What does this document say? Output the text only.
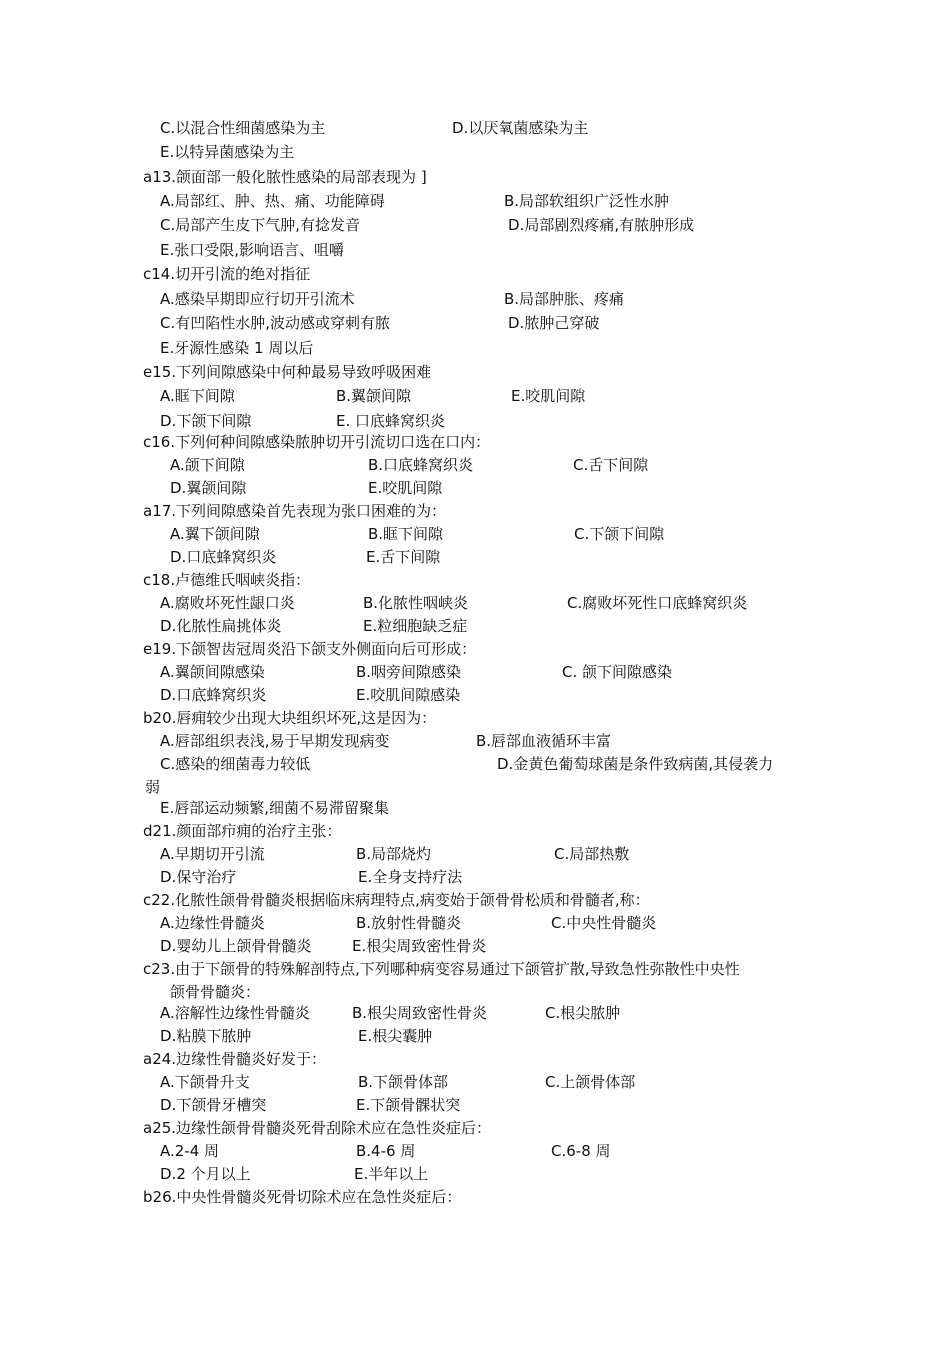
C.以混合性细菌感染为主	D.以厌氧菌感染为主
E.以特异菌感染为主
a13.颌面部一般化脓性感染的局部表现为 ]
A.局部红、肿、热、痛、功能障碍	B.局部软组织广泛性水肿
C.局部产生皮下气肿,有捻发音	D.局部剧烈疼痛,有脓肿形成
E.张口受限,影响语言、咀嚼
c14.切开引流的绝对指征
A.感染早期即应行切开引流术	B.局部肿胀、疼痛
C.有凹陷性水肿,波动感或穿刺有脓	D.脓肿己穿破
E.牙源性感染 1 周以后
e15.下列间隙感染中何种最易导致呼吸困难
A.眶下间隙	B.翼颌间隙	E.咬肌间隙
D.下颌下间隙	E. 口底蜂窝织炎
c16.下列何种间隙感染脓肿切开引流切口选在口内：
A.颌下间隙	B.口底蜂窝织炎	C.舌下间隙
D.翼颌间隙	E.咬肌间隙
a17.下列间隙感染首先表现为张口困难的为：
A.翼下颌间隙	B.眶下间隙	C.下颌下间隙
D.口底蜂窝织炎	E.舌下间隙
c18.卢德维氏咽峡炎指：
A.腐败坏死性龈口炎	B.化脓性咽峡炎	C.腐败坏死性口底蜂窝织炎
D.化脓性扁挑体炎	E.粒细胞缺乏症
e19.下颌智齿冠周炎沿下颌支外侧面向后可形成：
A.翼颌间隙感染	B.咽旁间隙感染	C. 颌下间隙感染
D.口底蜂窝织炎	E.咬肌间隙感染
b20.唇痈较少出现大块组织坏死,这是因为：
A.唇部组织表浅,易于早期发现病变	B.唇部血液循环丰富
C.感染的细菌毒力较低	D.金黄色葡萄球菌是条件致病菌,其侵袭力
弱
E.唇部运动频繁,细菌不易滞留聚集
d21.颜面部疖痈的治疗主张：
A.早期切开引流	B.局部烧灼	C.局部热敷
D.保守治疗	E.全身支持疗法
c22.化脓性颌骨骨髓炎根据临床病理特点,病变始于颌骨骨松质和骨髓者,称：
A.边缘性骨髓炎	B.放射性骨髓炎	C.中央性骨髓炎
D.婴幼儿上颌骨骨髓炎	E.根尖周致密性骨炎
c23.由于下颌骨的特殊解剖特点,下列哪种病变容易通过下颌管扩散,导致急性弥散性中央性
颌骨骨髓炎：
A.溶解性边缘性骨髓炎	B.根尖周致密性骨炎	C.根尖脓肿
D.粘膜下脓肿	E.根尖囊肿
a24.边缘性骨髓炎好发于：
A.下颌骨升支	B.下颌骨体部	C.上颌骨体部
D.下颌骨牙槽突	E.下颌骨髁状突
a25.边缘性颌骨骨髓炎死骨刮除术应在急性炎症后：
A.2-4 周	B.4-6 周	C.6-8 周
D.2 个月以上	E.半年以上
b26.中央性骨髓炎死骨切除术应在急性炎症后：
